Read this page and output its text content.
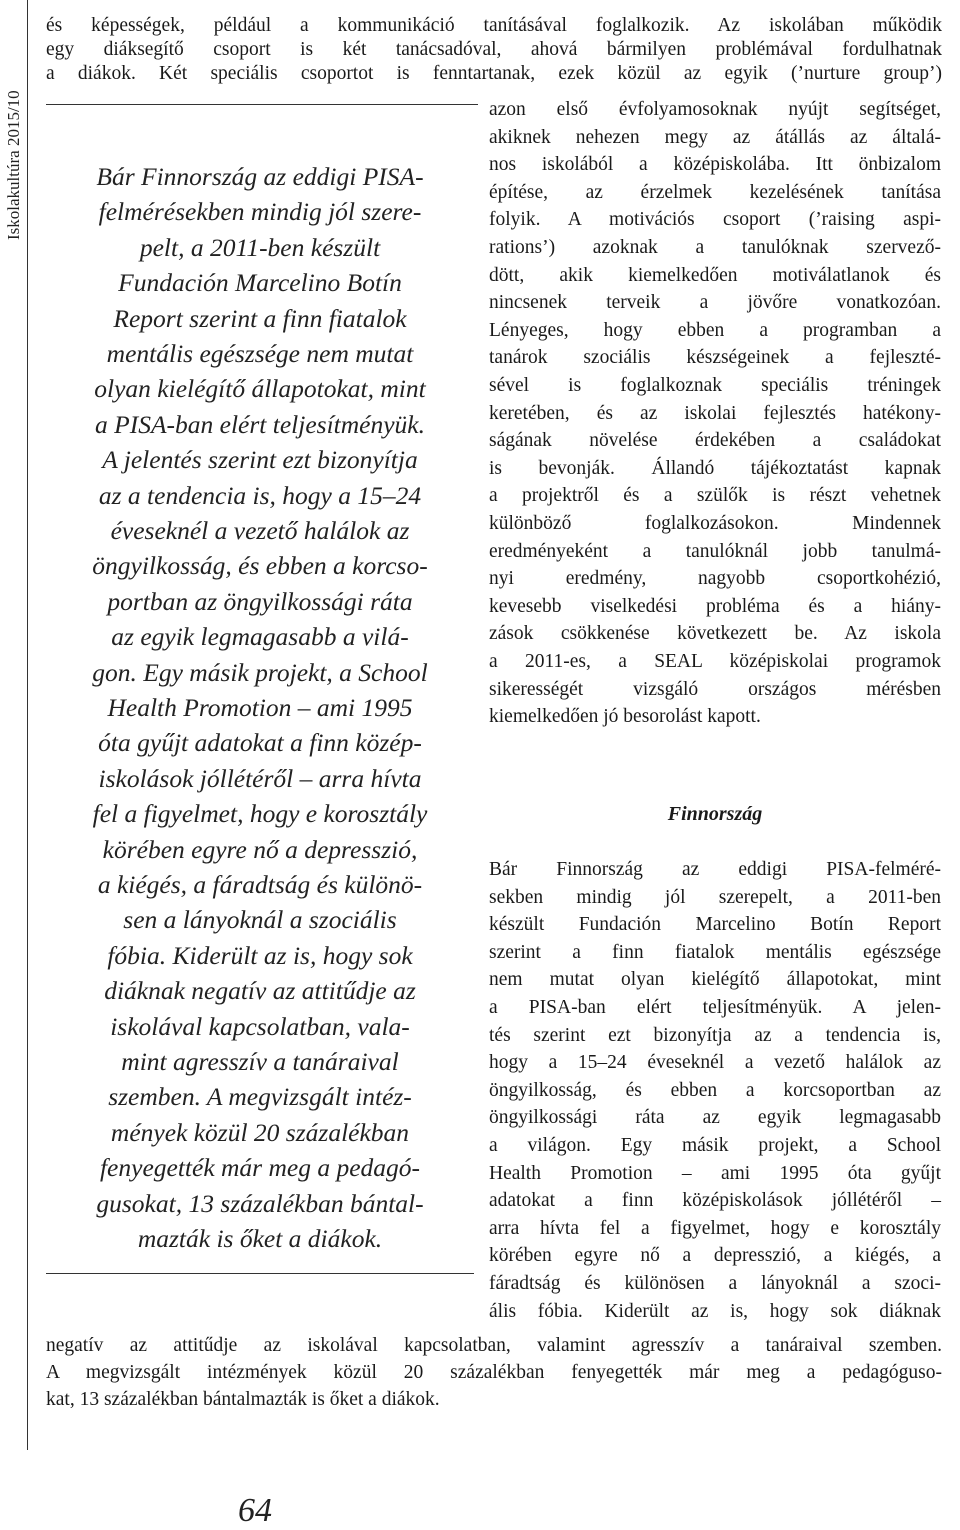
Iskolakultúra 2015/10
és képességek, például a kommunikáció tanításával foglalkozik. Az iskolában működik
egy diáksegítő csoport is két tanácsadóval, ahová bármilyen problémával fordulhatnak
a diákok. Két speciális csoportot is fenntartanak, ezek közül az egyik (’nurture group’)
azon első évfolyamosoknak nyújt segítséget,
akiknek nehezen megy az átállás az általá-
nos iskolából a középiskolába. Itt önbizalom
építése, az érzelmek kezelésének tanítása
folyik. A motivációs csoport (’raising aspi-
rations’) azoknak a tanulóknak szervező-
dött, akik kiemelkedően motiválatlanok és
nincsenek terveik a jövőre vonatkozóan.
Lényeges, hogy ebben a programban a
tanárok szociális készségeinek a fejleszté-
sével is foglalkoznak speciális tréningek
keretében, és az iskolai fejlesztés hatékony-
ságának növelése érdekében a családokat
is bevonják. Állandó tájékoztatást kapnak
a projektről és a szülők is részt vehetnek
különböző foglalkozásokon. Mindennek
eredményeként a tanulóknál jobb tanulmá-
nyi eredmény, nagyobb csoportkohézió,
kevesebb viselkedési probléma és a hiány-
zások csökkenése következett be. Az iskola
a 2011-es, a SEAL középiskolai programok
sikerességét vizsgáló országos mérésben
kiemelkedően jó besorolást kapott.
Finnország
Bár Finnország az eddigi PISA-felméré-
sekben mindig jól szerepelt, a 2011-ben
készült Fundación Marcelino Botín Report
szerint a finn fiatalok mentális egészsége
nem mutat olyan kielégítő állapotokat, mint
a PISA-ban elért teljesítményük. A jelen-
tés szerint ezt bizonyítja az a tendencia is,
hogy a 15–24 éveseknél a vezető halálok az
öngyilkosság, és ebben a korcsoportban az
öngyilkossági ráta az egyik legmagasabb
a világon. Egy másik projekt, a School
Health Promotion – ami 1995 óta gyűjt
adatokat a finn középiskolások jóllétéről –
arra hívta fel a figyelmet, hogy e korosztály
körében egyre nő a depresszió, a kiégés, a
fáradtság és különösen a lányoknál a szoci-
ális fóbia. Kiderült az is, hogy sok diáknak
negatív az attitűdje az iskolával kapcsolatban, valamint agresszív a tanáraival szemben.
A megvizsgált intézmények közül 20 százalékban fenyegették már meg a pedagóguso-
kat, 13 százalékban bántalmazták is őket a diákok.
Bár Finnország az eddigi PISA-
felmérésekben mindig jól szere-
pelt, a 2011-ben készült
Fundación Marcelino Botín
Report szerint a finn fiatalok
mentális egészsége nem mutat
olyan kielégítő állapotokat, mint
a PISA-ban elért teljesítményük.
A jelentés szerint ezt bizonyítja
az a tendencia is, hogy a 15–24
éveseknél a vezető halálok az
öngyilkosság, és ebben a korcso-
portban az öngyilkossági ráta
az egyik legmagasabb a vilá-
gon. Egy másik projekt, a School
Health Promotion – ami 1995
óta gyűjt adatokat a finn közép-
iskolások jóllétéről – arra hívta
fel a figyelmet, hogy e korosztály
körében egyre nő a depresszió,
a kiégés, a fáradtság és különö-
sen a lányoknál a szociális
fóbia. Kiderült az is, hogy sok
diáknak negatív az attitűdje az
iskolával kapcsolatban, vala-
mint agresszív a tanáraival
szemben. A megvizsgált intéz-
mények közül 20 százalékban
fenyegették már meg a pedagó-
gusokat, 13 százalékban bántal-
mazták is őket a diákok.
64
